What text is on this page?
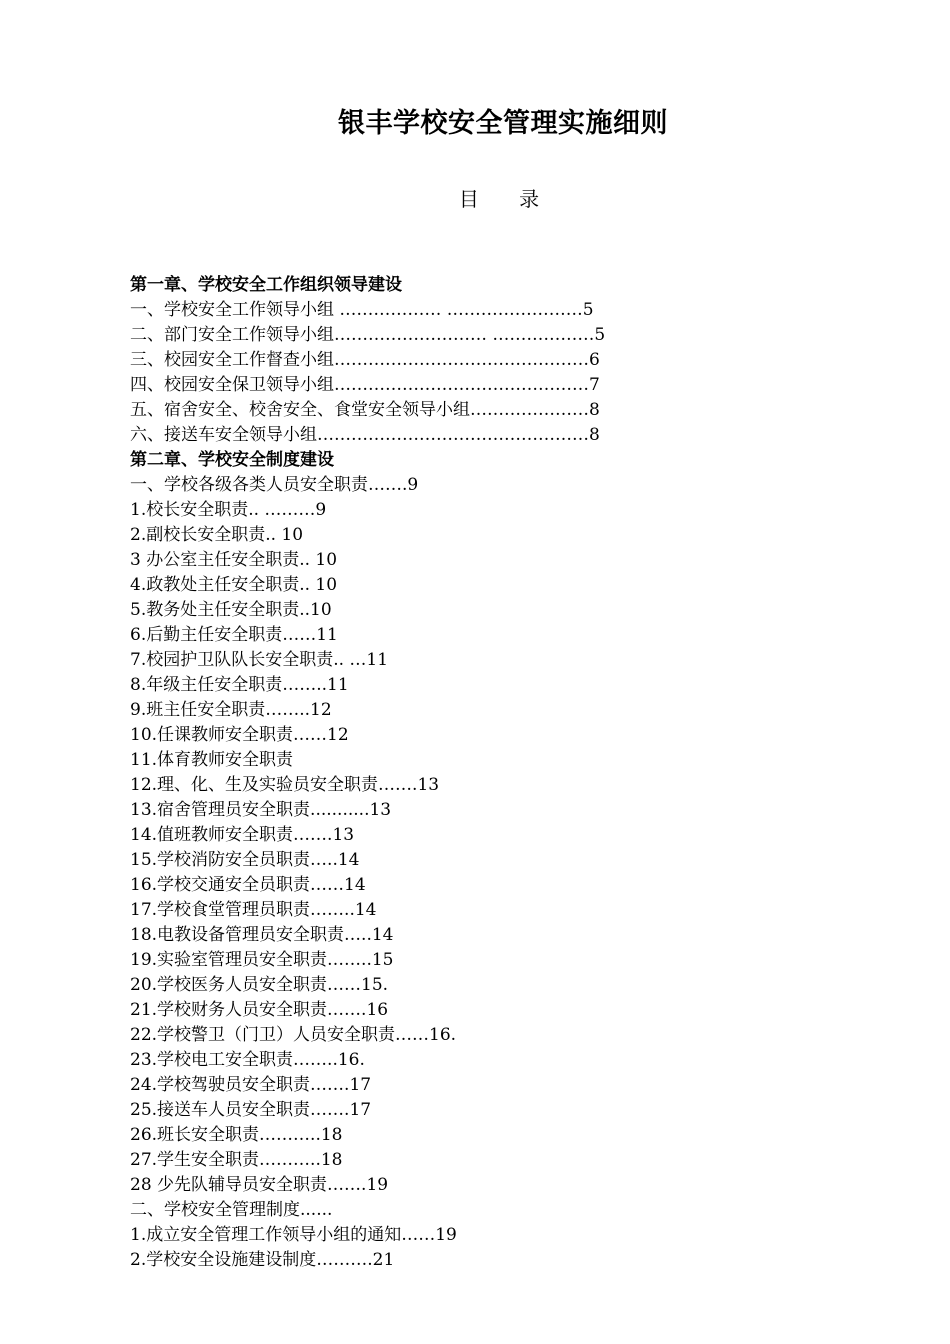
银丰学校安全管理实施细则
目 录
第一章、学校安全工作组织领导建设
一、学校安全工作领导小组 ……………… ……………………5
二、部门安全工作领导小组……………………… ………………5
三、校园安全工作督查小组………………………………………6
四、校园安全保卫领导小组………………………………………7
五、宿舍安全、校舍安全、食堂安全领导小组…………………8
六、接送车安全领导小组…………………………………………8
第二章、学校安全制度建设
一、学校各级各类人员安全职责…….9
1.校长安全职责.. ………9
2.副校长安全职责.. 10
3 办公室主任安全职责.. 10
4.政教处主任安全职责.. 10
5.教务处主任安全职责..10
6.后勤主任安全职责……11
7.校园护卫队队长安全职责.. …11
8.年级主任安全职责……..11
9.班主任安全职责……..12
10.任课教师安全职责……12
11.体育教师安全职责
12.理、化、生及实验员安全职责…….13
13.宿舍管理员安全职责...........13
14.值班教师安全职责…….13
15.学校消防安全员职责…..14
16.学校交通安全员职责……14
17.学校食堂管理员职责……..14
18.电教设备管理员安全职责…..14
19.实验室管理员安全职责……..15
20.学校医务人员安全职责……15.
21.学校财务人员安全职责…….16
22.学校警卫（门卫）人员安全职责……16.
23.学校电工安全职责……..16.
24.学校驾驶员安全职责…….17
25.接送车人员安全职责…….17
26.班长安全职责………..18
27.学生安全职责………..18
28 少先队辅导员安全职责…….19
二、学校安全管理制度......
1.成立安全管理工作领导小组的通知……19
2.学校安全设施建设制度……….21
